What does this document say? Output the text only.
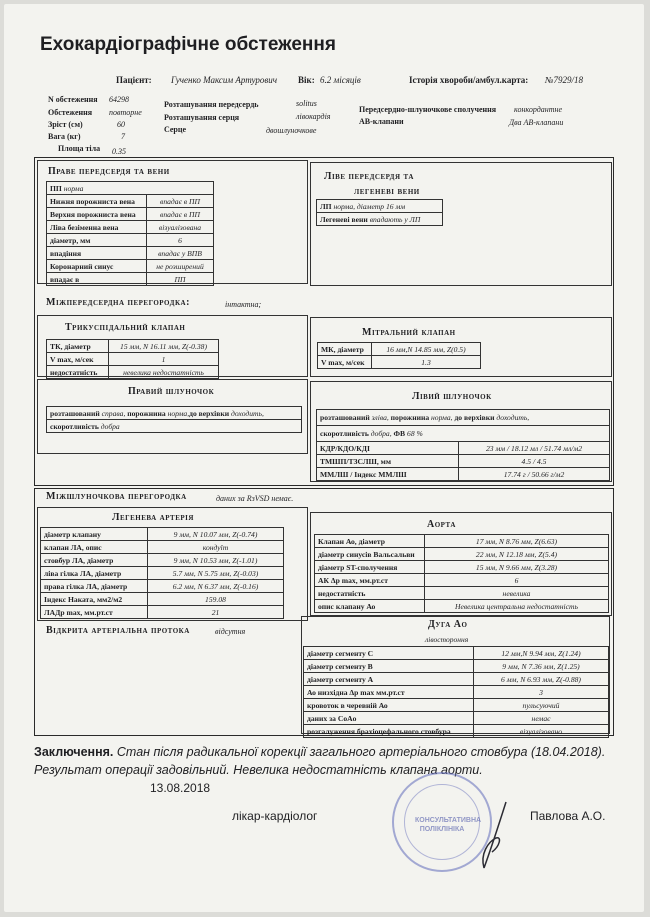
Ехокардіографічне обстеження
Пацієнт: Гученко Максим Артурович Вік: 6.2 місяців	Історія хвороби/амбул.карта: №7929/18
N обстеження 64298
Обстеження повторне
Зріст (см)	60
Вага (кг)	7
Площа тіла 0.35
Розташування передсердь	solitus
Розташування серця	лівокардія
Серце	двошлуночкове
Передсердно-шлуночкове сполучення конкордантне
АВ-клапани	Два АВ-клапани
Праве передсердя та вени
ПП норма	
Нижня порожниста вена	впадає в ПП
Верхня порожниста вена	впадає в ПП
Ліва безіменна вена	візуалізована
діаметр, мм	6
впадіння	впадає у ВПВ
Коронарний синус	не розширений
впадає в	ПП
Ліве передсердя та
легеневі вени
ЛП норма, діаметр 16 мм
Легеневі вени впадають у ЛП
Міжпередсердна перегородка:	інтактна;
Трикуспідальний клапан
ТК, діаметр	15 мм, N 16.11 мм, Z(-0.38)
V max, м/сек	1
недостатність	невелика недостатність
Мітральний клапан
МК, діаметр	16 мм,N 14.85 мм, Z(0.5)
V max, м/сек	1.3
Правий шлуночок
розташований справа, порожнина норма,до верхівки доходить,
скоротливість добра
Лівий шлуночок
розташований зліва, порожнина норма, до верхівки доходить,	
скоротливість добра, ФВ 68 %	
КДР/КДО/КДІ	23 мм / 18.12 мл / 51.74 мл/м2
ТМШП/ТЗСЛШ, мм	4.5 / 4.5
ММЛШ / Індекс ММЛШ	17.74 г / 50.66 г/м2
Міжшлуночкова перегородка	даних за RзVSD немає.
Легенева артерія
діаметр клапану	9 мм, N 10.07 мм, Z(-0.74)
клапан ЛА, опис	кондуїт
стовбур ЛА, діаметр	9 мм, N 10.53 мм, Z(-1.01)
ліва гілка ЛА, діаметр	5.7 мм, N 5.75 мм, Z(-0.03)
права гілка ЛА, діаметр	6.2 мм, N 6.37 мм, Z(-0.16)
Індекс Наката, мм2/м2	159.08
ЛАДр max, мм.рт.ст	21
Відкрита артеріальна протока	відсутня
Аорта
Клапан Ао, діаметр	17 мм, N 8.76 мм, Z(6.63)
діаметр синусів Вальсальви	22 мм, N 12.18 мм, Z(5.4)
діаметр ST-сполучення	15 мм, N 9.66 мм, Z(3.28)
АК Δр max, мм.рт.ст	6
недостатність	невелика
опис клапану Ао	Невелика центральна недостатність
Дуга Ао
лівостороння
діаметр сегменту С	12 мм,N 9.94 мм, Z(1.24)
діаметр сегменту B	9 мм, N 7.36 мм, Z(1.25)
діаметр сегменту A	6 мм, N 6.93 мм, Z(-0.88)
Ао низхідна Δр max мм.рт.ст	3
кровоток в черевній Ао	пульсуючий
даних за CoAo	немає
розгалуження брахіоцефального стовбура	візуалізовано
Заключення. Стан після радикальної корекції загального артеріального стовбура (18.04.2018).
Результат операції задовільний. Невелика недостатність клапана аорти.
13.08.2018
лікар-кардіолог	Павлова А.О.
КОНСУЛЬТАТИВНА ПОЛІКЛІНІКА
